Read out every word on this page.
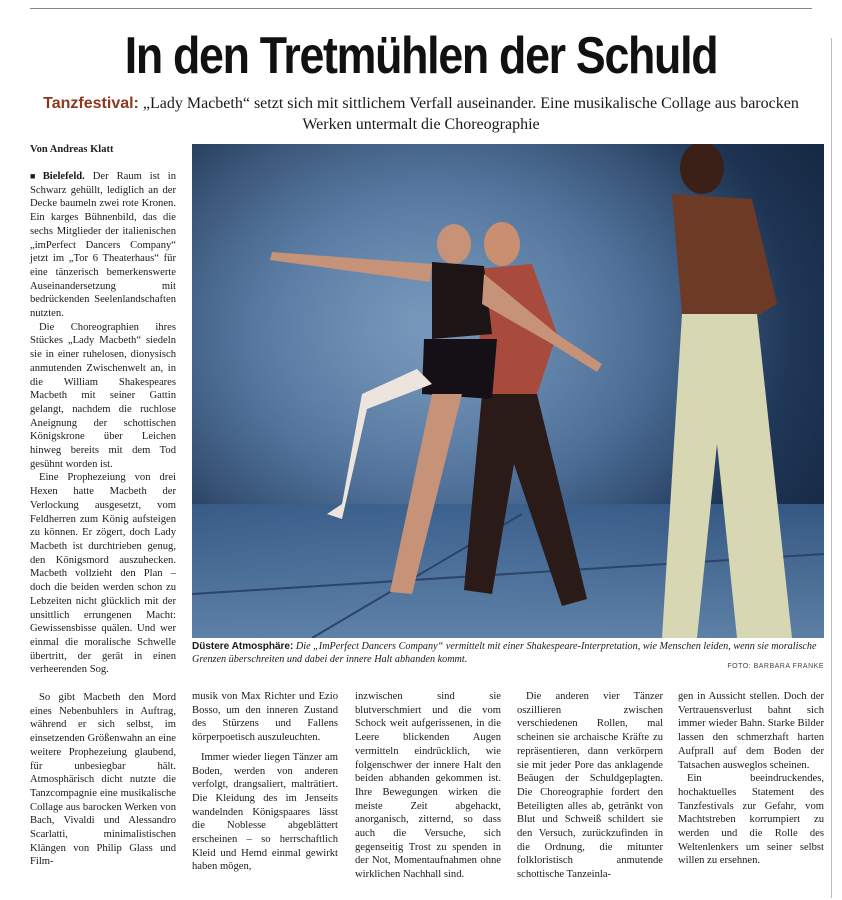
In den Tretmühlen der Schuld
Tanzfestival: „Lady Macbeth“ setzt sich mit sittlichem Verfall auseinander. Eine musikalische Collage aus barocken Werken untermalt die Choreographie
Von Andreas Klatt

■ Bielefeld. Der Raum ist in Schwarz gehüllt, lediglich an der Decke baumeln zwei rote Kronen. Ein karges Bühnenbild, das die sechs Mitglieder der italienischen „imPerfect Dancers Company“ jetzt im „Tor 6 Theaterhaus“ für eine tänzerisch bemerkenswerte Auseinandersetzung mit bedrückenden Seelenlandschaften nutzten.

Die Choreographien ihres Stückes „Lady Macbeth“ siedeln sie in einer ruhelosen, dionysisch anmutenden Zwischenwelt an, in die William Shakespeares Macbeth mit seiner Gattin gelangt, nachdem die ruchlose Aneignung der schottischen Königskrone über Leichen hinweg bereits mit dem Tod gesühnt worden ist.

Eine Prophezeiung von drei Hexen hatte Macbeth der Verlockung ausgesetzt, vom Feldherren zum König aufsteigen zu können. Er zögert, doch Lady Macbeth ist durchtrieben genug, den Königsmord auszuhecken. Macbeth vollzieht den Plan – doch die beiden werden schon zu Lebzeiten nicht glücklich mit der unsittlich errungenen Macht: Gewissensbisse quälen. Und wer einmal die moralische Schwelle übertritt, der gerät in einen verheerenden Sog.

So gibt Macbeth den Mord eines Nebenbuhlers in Auftrag, während er sich selbst, im einsetzenden Größenwahn an eine weitere Prophezeiung glaubend, für unbesiegbar hält. Atmosphärisch dicht nutzte die Tanzcompagnie eine musikalische Collage aus barocken Werken von Bach, Vivaldi und Alessandro Scarlatti, minimalistischen Klängen von Philip Glass und Film-

Düstere Atmosphäre: Die „ImPerfect Dancers Company“ vermittelt mit einer Shakespeare-Interpretation, wie Menschen leiden, wenn sie moralische Grenzen überschreiten und dabei der innere Halt abhanden kommt.
FOTO: BARBARA FRANKE

musik von Max Richter und Ezio Bosso, um den inneren Zustand des Stürzens und Fallens körperpoetisch auszuleuchten.

Immer wieder liegen Tänzer am Boden, werden von anderen verfolgt, drangsaliert, malträtiert. Die Kleidung des im Jenseits wandelnden Königspaares lässt die Noblesse abgeblättert erscheinen – so herrschaftlich Kleid und Hemd einmal gewirkt haben mögen,

inzwischen sind sie blutverschmiert und die vom Schock weit aufgerissenen, in die Leere blickenden Augen vermitteln eindrücklich, wie folgenschwer der innere Halt den beiden abhanden gekommen ist. Ihre Bewegungen wirken die meiste Zeit abgehackt, anorganisch, zitternd, so dass auch die Versuche, sich gegenseitig Trost zu spenden in der Not, Momentaufnahmen ohne wirklichen Nachhall sind.

Die anderen vier Tänzer oszillieren zwischen verschiedenen Rollen, mal scheinen sie archaische Kräfte zu repräsentieren, dann verkörpern sie mit jeder Pore das anklagende Beäugen der Schuldgeplagten. Die Choreographie fordert den Beteiligten alles ab, getränkt von Blut und Schweiß schildert sie den Versuch, zurückzufinden in die Ordnung, die mitunter folkloristisch anmutende schottische Tanzeinla-

gen in Aussicht stellen. Doch der Vertrauensverlust bahnt sich immer wieder Bahn. Starke Bilder lassen den schmerzhaft harten Aufprall auf dem Boden der Tatsachen ausweglos scheinen.

Ein beeindruckendes, hochaktuelles Statement des Tanzfestivals zur Gefahr, vom Machtstreben korrumpiert zu werden und die Rolle des Weltenlenkers um seiner selbst willen zu ersehnen.
